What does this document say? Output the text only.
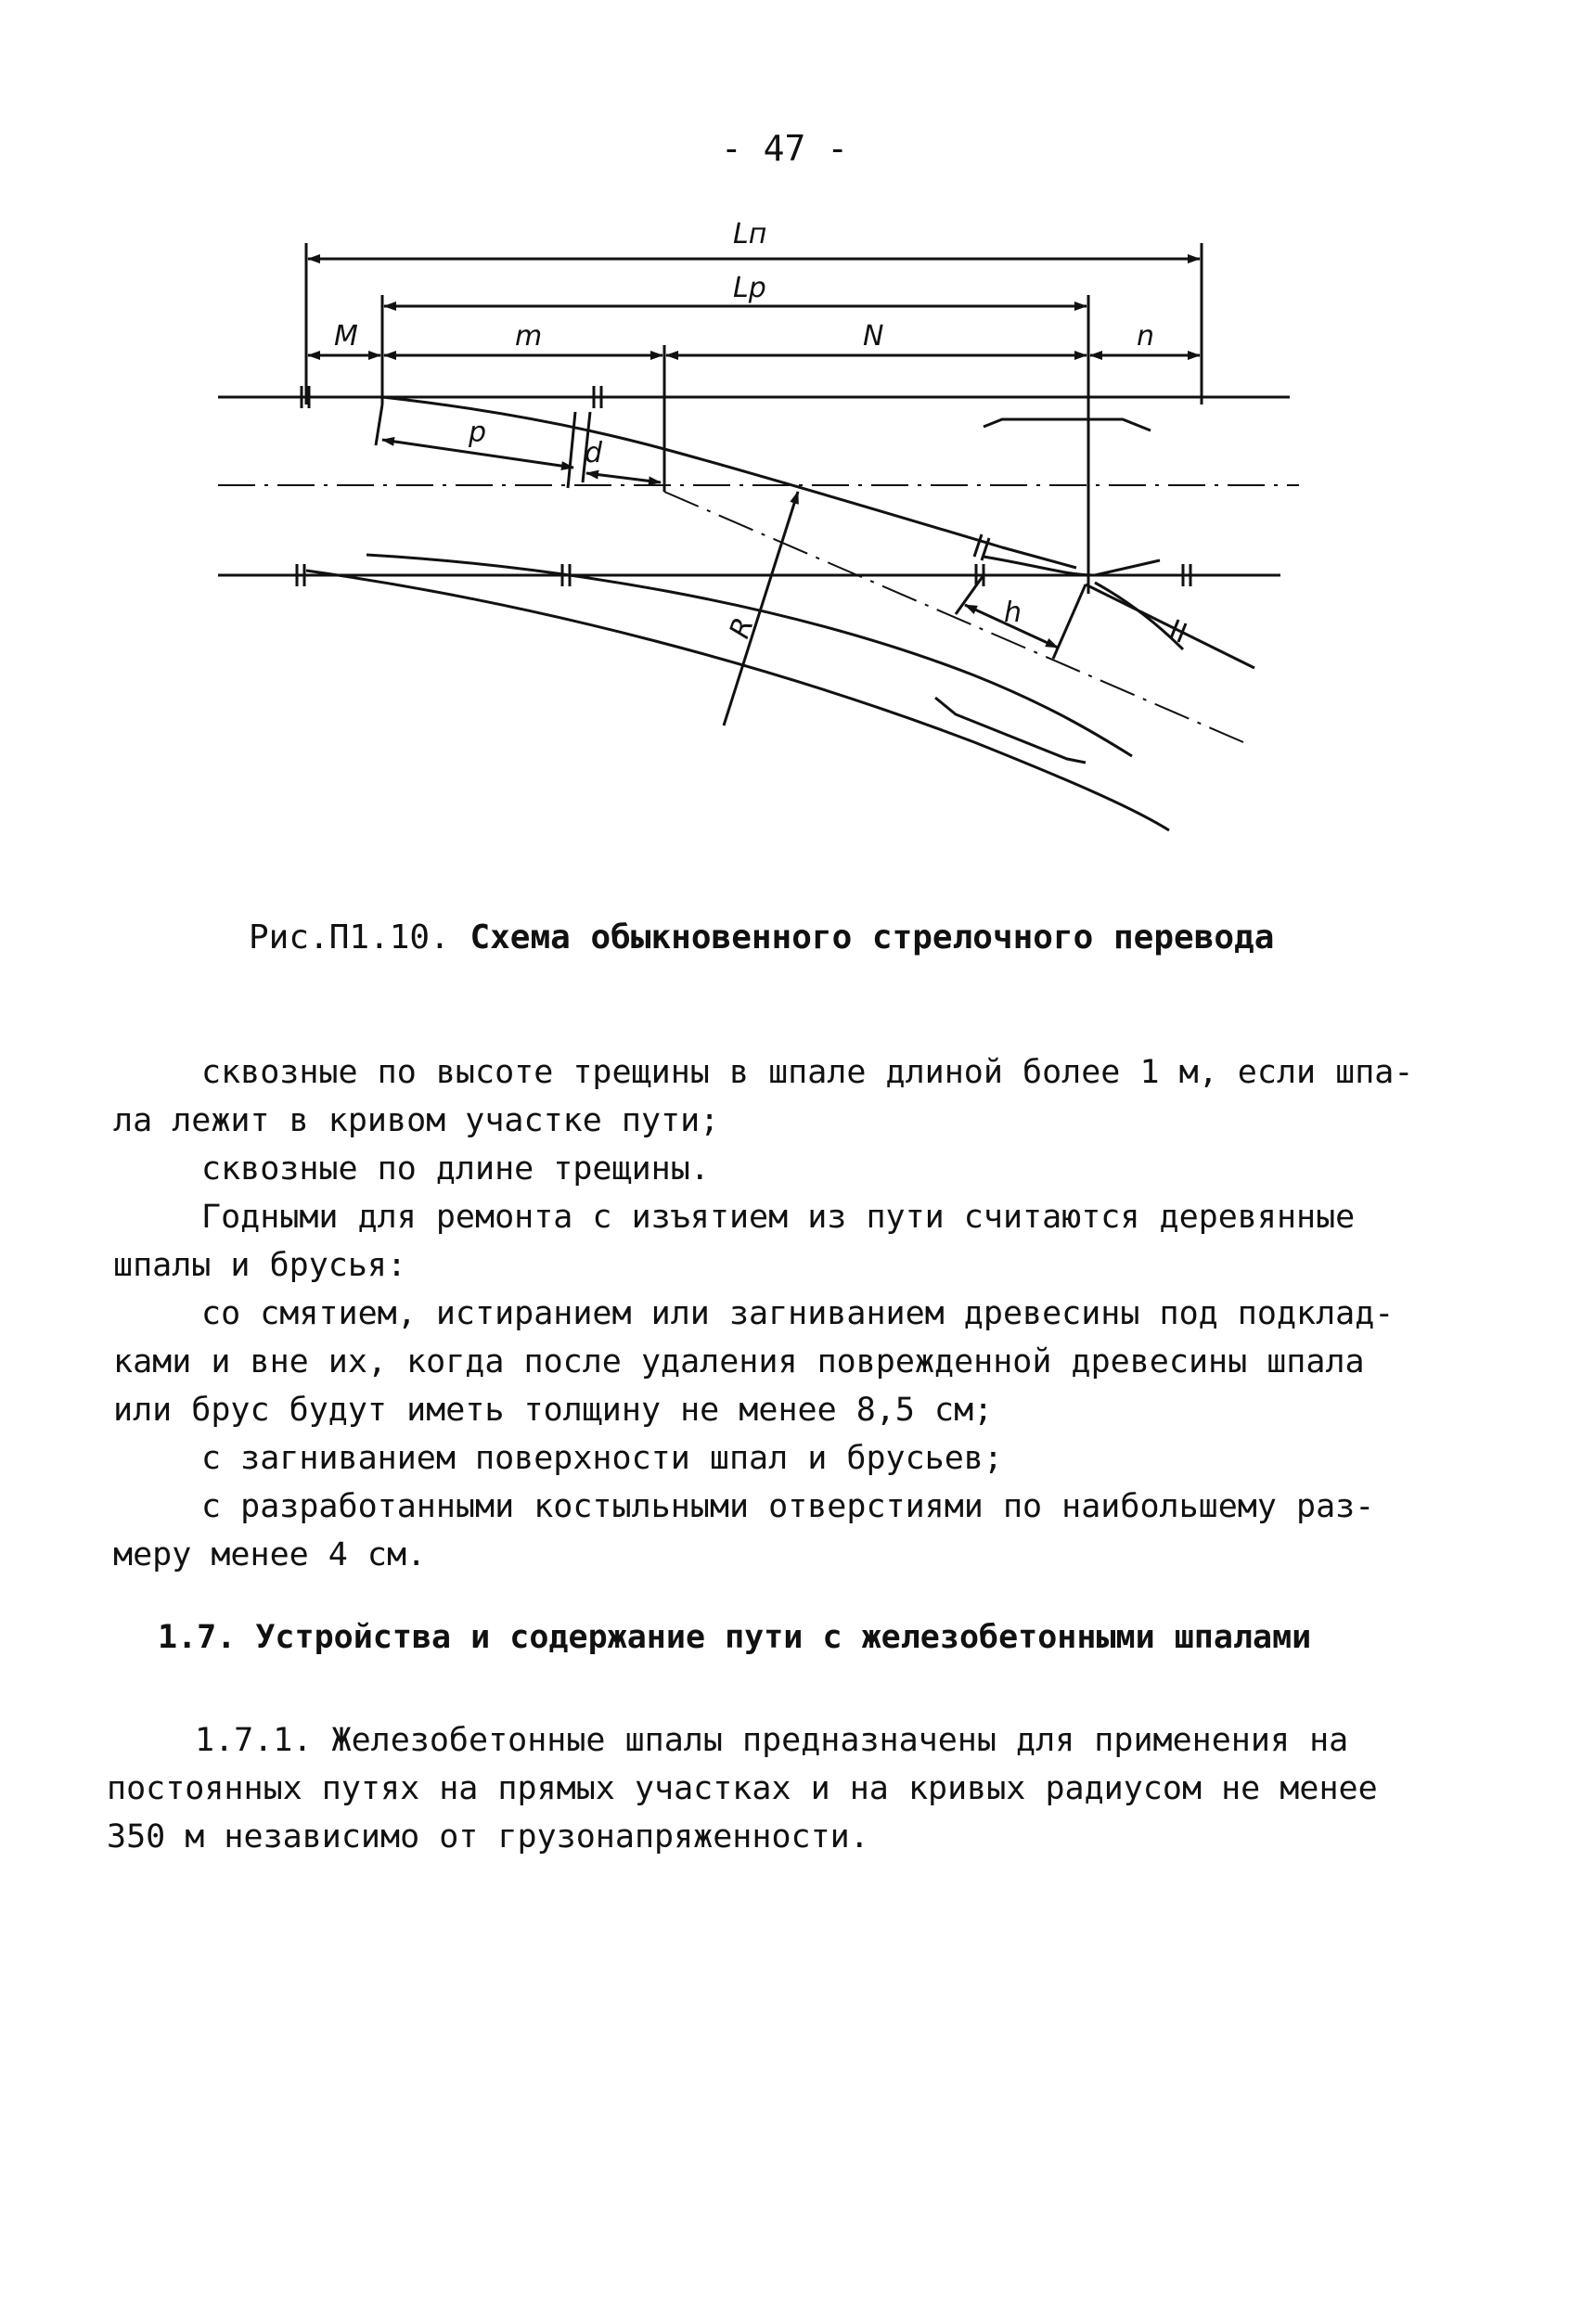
- 47 -
Lп
Lр
M	m	N	n
p
d
R	h
Рис.П1.10. Схема обыкновенного стрелочного перевода
сквозные по высоте трещины в шпале длиной более 1 м, если шпа-
ла лежит в кривом участке пути;
сквозные по длине трещины.
Годными для ремонта с изъятием из пути считаются деревянные
шпалы и брусья:
со смятием, истиранием или загниванием древесины под подклад-
ками и вне их, когда после удаления поврежденной древесины шпала
или брус будут иметь толщину не менее 8,5 см;
с загниванием поверхности шпал и брусьев;
с разработанными костыльными отверстиями по наибольшему раз-
меру менее 4 см.
1.7. Устройства и содержание пути с железобетонными шпалами
1.7.1. Железобетонные шпалы предназначены для применения на
постоянных путях на прямых участках и на кривых радиусом не менее
350 м независимо от грузонапряженности.
